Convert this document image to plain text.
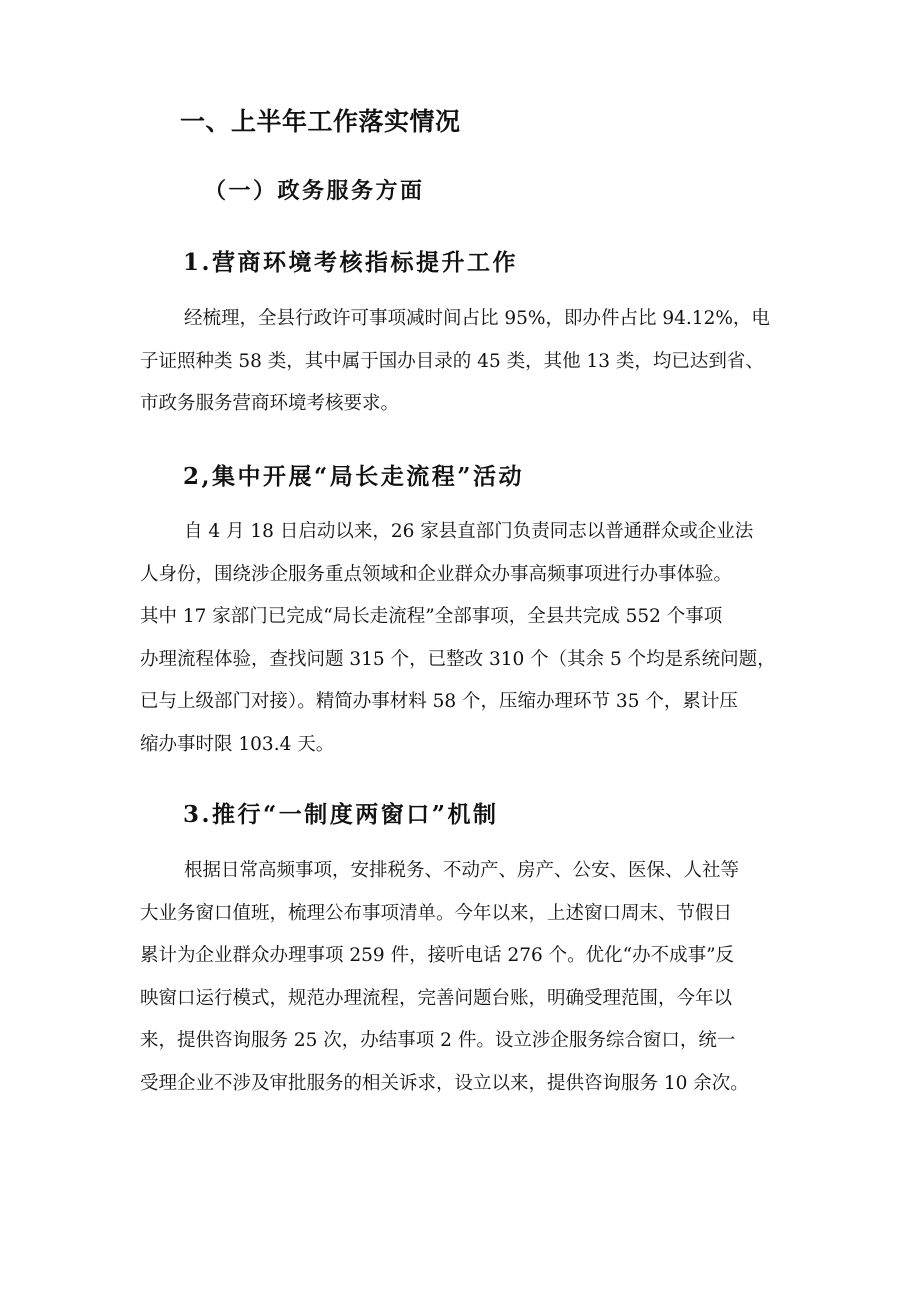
一、上半年工作落实情况
（一）政务服务方面
1.营商环境考核指标提升工作
经梳理，全县行政许可事项减时间占比 95%，即办件占比 94.12%，电
子证照种类 58 类，其中属于国办目录的 45 类，其他 13 类，均已达到省、
市政务服务营商环境考核要求。
2,集中开展“局长走流程”活动
自 4 月 18 日启动以来，26 家县直部门负责同志以普通群众或企业法
人身份，围绕涉企服务重点领域和企业群众办事高频事项进行办事体验。
其中 17 家部门已完成“局长走流程”全部事项，全县共完成 552 个事项
办理流程体验，查找问题 315 个，已整改 310 个（其余 5 个均是系统问题，
已与上级部门对接）。精简办事材料 58 个，压缩办理环节 35 个，累计压
缩办事时限 103.4 天。
3.推行“一制度两窗口”机制
根据日常高频事项，安排税务、不动产、房产、公安、医保、人社等
大业务窗口值班，梳理公布事项清单。今年以来，上述窗口周末、节假日
累计为企业群众办理事项 259 件，接听电话 276 个。优化“办不成事”反
映窗口运行模式，规范办理流程，完善问题台账，明确受理范围，今年以
来，提供咨询服务 25 次，办结事项 2 件。设立涉企服务综合窗口，统一
受理企业不涉及审批服务的相关诉求，设立以来，提供咨询服务 10 余次。
